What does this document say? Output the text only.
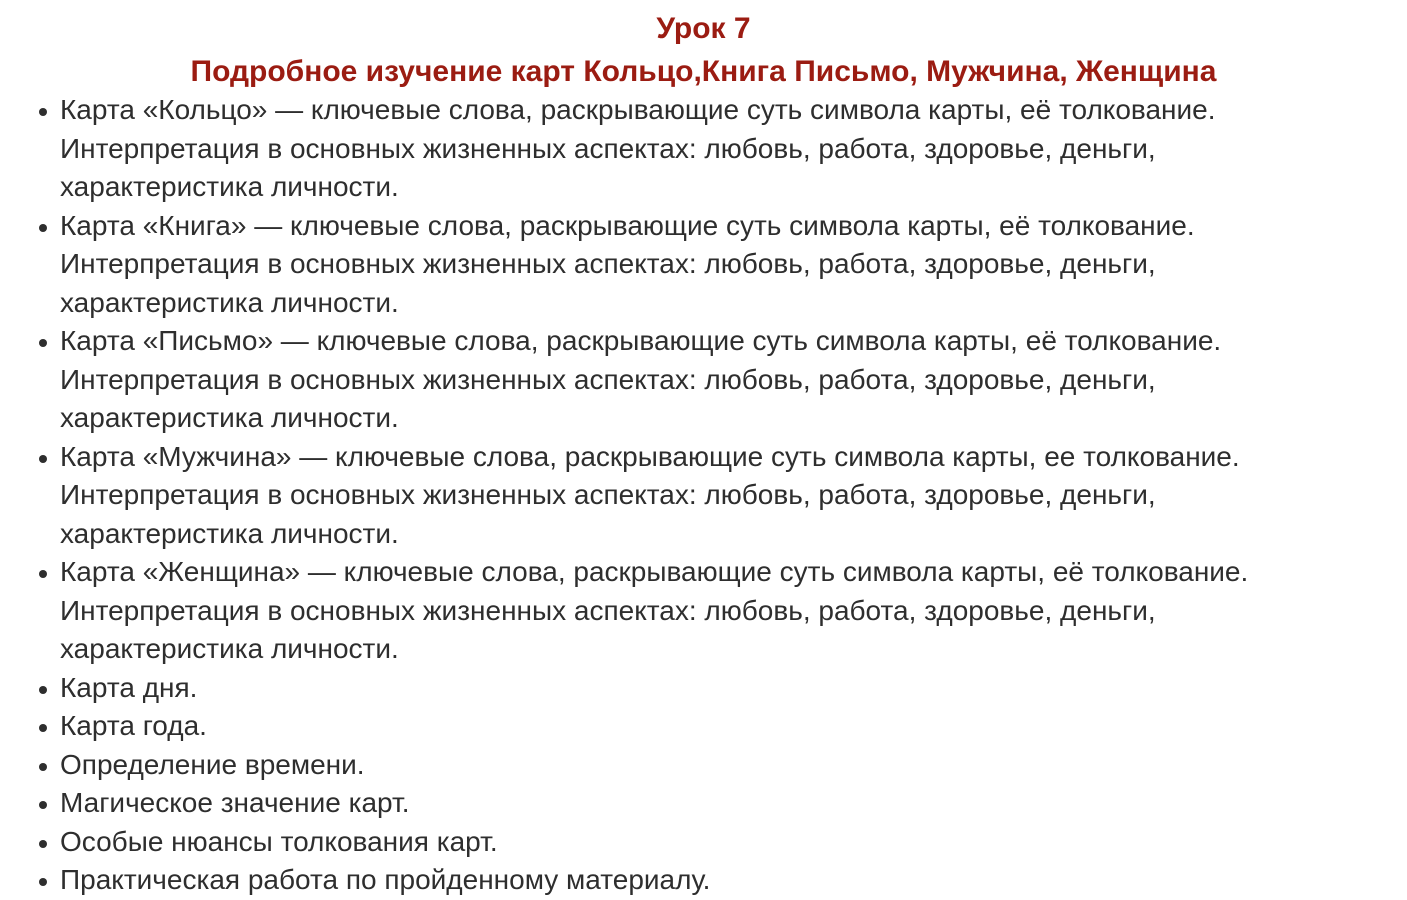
Урок 7
Подробное изучение карт Кольцо,Книга Письмо, Мужчина, Женщина
Карта «Кольцо» — ключевые слова, раскрывающие суть символа карты, её толкование.
Интерпретация в основных жизненных аспектах: любовь, работа, здоровье, деньги,
характеристика личности.
Карта «Книга» — ключевые слова, раскрывающие суть символа карты, её толкование.
Интерпретация в основных жизненных аспектах: любовь, работа, здоровье, деньги,
характеристика личности.
Карта «Письмо» — ключевые слова, раскрывающие суть символа карты, её толкование.
Интерпретация в основных жизненных аспектах: любовь, работа, здоровье, деньги,
характеристика личности.
Карта «Мужчина» — ключевые слова, раскрывающие суть символа карты, ее толкование.
Интерпретация в основных жизненных аспектах: любовь, работа, здоровье, деньги,
характеристика личности.
Карта «Женщина» — ключевые слова, раскрывающие суть символа карты, её толкование.
Интерпретация в основных жизненных аспектах: любовь, работа, здоровье, деньги,
характеристика личности.
Карта дня.
Карта года.
Определение времени.
Магическое значение карт.
Особые нюансы толкования карт.
Практическая работа по пройденному материалу.
